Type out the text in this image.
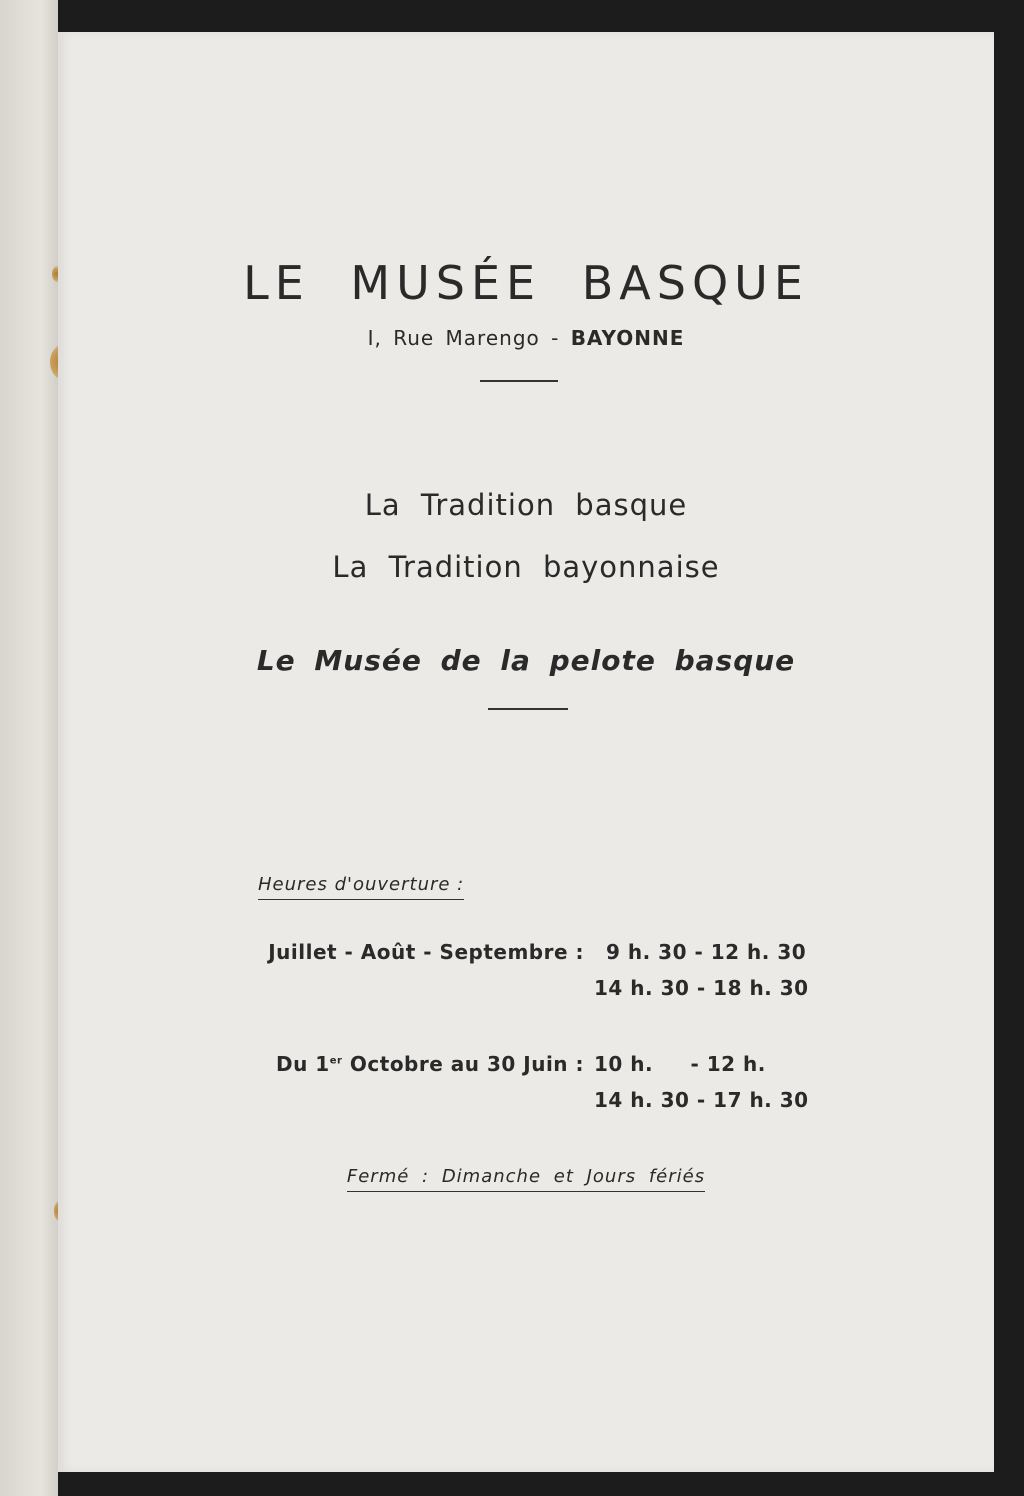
LE MUSÉE BASQUE
I, Rue Marengo - BAYONNE
La Tradition basque
La Tradition bayonnaise
Le Musée de la pelote basque
Heures d'ouverture :
Juillet - Août - Septembre : 9 h. 30 - 12 h. 30
14 h. 30 - 18 h. 30
Du 1er Octobre au 30 Juin : 10 h.     - 12 h.
14 h. 30 - 17 h. 30
Fermé : Dimanche et Jours fériés
